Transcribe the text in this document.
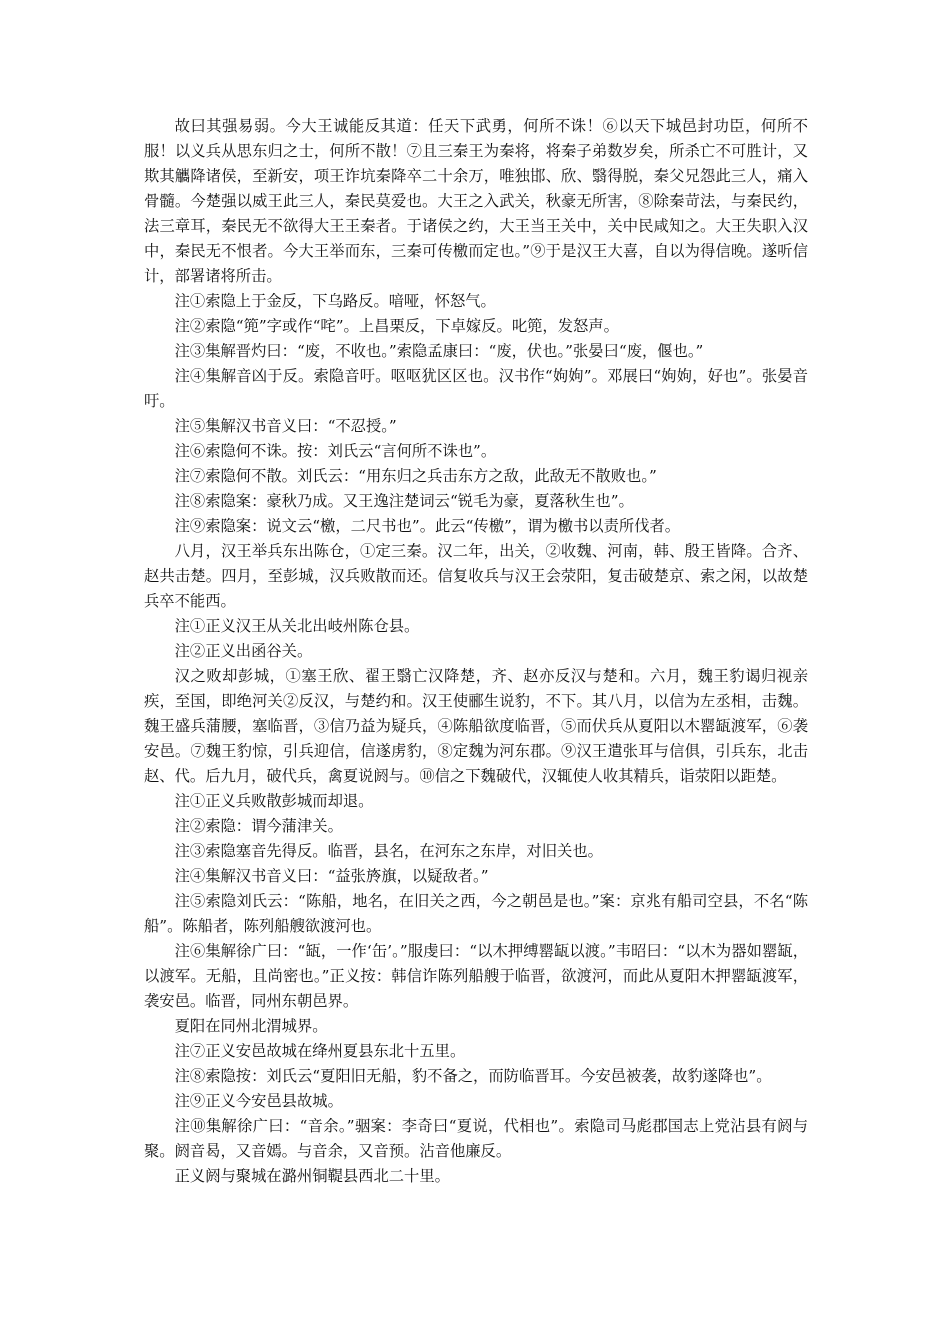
故曰其强易弱。今大王诚能反其道：任天下武勇，何所不诛！⑥以天下城邑封功臣，何所不服！以义兵从思东归之士，何所不散！⑦且三秦王为秦将，将秦子弟数岁矣，所杀亡不可胜计，又欺其觿降诸侯，至新安，项王诈坑秦降卒二十余万，唯独邯、欣、翳得脱，秦父兄怨此三人，痛入骨髓。今楚强以威王此三人，秦民莫爱也。大王之入武关，秋豪无所害，⑧除秦苛法，与秦民约，法三章耳，秦民无不欲得大王王秦者。于诸侯之约，大王当王关中，关中民咸知之。大王失职入汉中，秦民无不恨者。今大王举而东，三秦可传檄而定也。”⑨于是汉王大喜，自以为得信晚。遂听信计，部署诸将所击。

注①索隐上于金反，下乌路反。喑哑，怀怒气。

注②索隐“篼”字或作“咤”。上昌栗反，下卓嫁反。叱篼，发怒声。

注③集解晋灼曰：“废，不收也。”索隐孟康曰：“废，伏也。”张晏曰“废，偃也。”

注④集解音凶于反。索隐音吁。呕呕犹区区也。汉书作“姁姁”。邓展曰“姁姁，好也”。张晏音吁。

注⑤集解汉书音义曰：“不忍授。”

注⑥索隐何不诛。按：刘氏云“言何所不诛也”。

注⑦索隐何不散。刘氏云：“用东归之兵击东方之敌，此敌无不散败也。”

注⑧索隐案：豪秋乃成。又王逸注楚词云“锐毛为豪，夏落秋生也”。

注⑨索隐案：说文云“檄，二尺书也”。此云“传檄”，谓为檄书以责所伐者。

八月，汉王举兵东出陈仓，①定三秦。汉二年，出关，②收魏、河南，韩、殷王皆降。合齐、赵共击楚。四月，至彭城，汉兵败散而还。信复收兵与汉王会荥阳，复击破楚京、索之闲，以故楚兵卒不能西。

注①正义汉王从关北出岐州陈仓县。

注②正义出函谷关。

汉之败却彭城，①塞王欣、翟王翳亡汉降楚，齐、赵亦反汉与楚和。六月，魏王豹谒归视亲疾，至国，即绝河关②反汉，与楚约和。汉王使郦生说豹，不下。其八月，以信为左丞相，击魏。魏王盛兵蒲腰，塞临晋，③信乃益为疑兵，④陈船欲度临晋，⑤而伏兵从夏阳以木罂缻渡军，⑥袭安邑。⑦魏王豹惊，引兵迎信，信遂虏豹，⑧定魏为河东郡。⑨汉王遣张耳与信俱，引兵东，北击赵、代。后九月，破代兵，禽夏说阏与。⑩信之下魏破代，汉辄使人收其精兵，诣荥阳以距楚。

注①正义兵败散彭城而却退。

注②索隐：谓今蒲津关。

注③索隐塞音先得反。临晋，县名，在河东之东岸，对旧关也。

注④集解汉书音义曰：“益张旍旗，以疑敌者。”

注⑤索隐刘氏云：“陈船，地名，在旧关之西，今之朝邑是也。”案：京兆有船司空县，不名“陈船”。陈船者，陈列船艘欲渡河也。

注⑥集解徐广曰：“缻，一作‘缶’。”服虔曰：“以木押缚罂缻以渡。”韦昭曰：“以木为器如罂缻，以渡军。无船，且尚密也。”正义按：韩信诈陈列船艘于临晋，欲渡河，而此从夏阳木押罂缻渡军，袭安邑。临晋，同州东朝邑界。

夏阳在同州北渭城界。

注⑦正义安邑故城在绛州夏县东北十五里。

注⑧索隐按：刘氏云“夏阳旧无船，豹不备之，而防临晋耳。今安邑被袭，故豹遂降也”。

注⑨正义今安邑县故城。

注⑩集解徐广曰：“音余。”骃案：李奇曰“夏说，代相也”。索隐司马彪郡国志上党沾县有阏与聚。阏音曷，又音嫣。与音余，又音预。沾音他廉反。

正义阏与聚城在潞州铜鞮县西北二十里。
